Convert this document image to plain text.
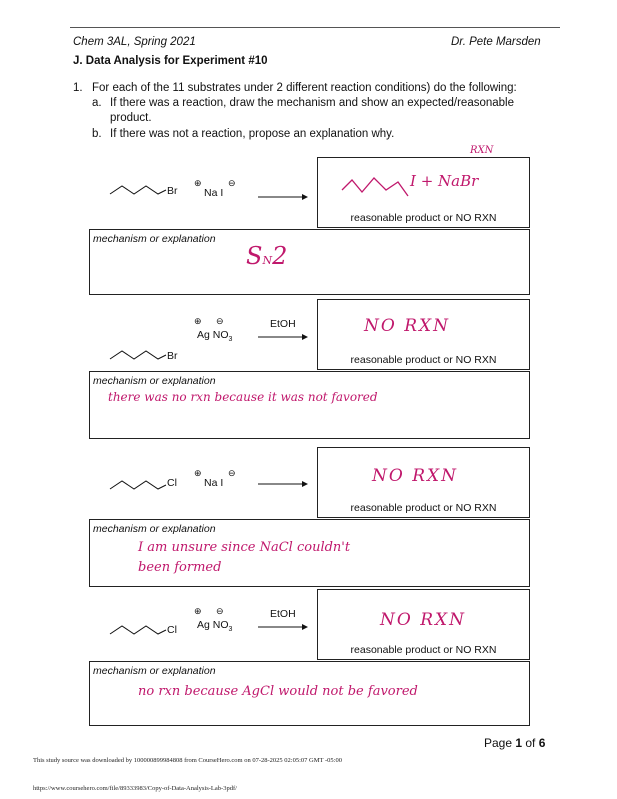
Chem 3AL, Spring 2021	Dr. Pete Marsden
J. Data Analysis for Experiment #10
1. For each of the 11 substrates under 2 different reaction conditions) do the following:
a. If there was a reaction, draw the mechanism and show an expected/reasonable
product.
b. If there was not a reaction, propose an explanation why.
RXN
Br
⊕	⊖
Na I
I + NaBr
reasonable product or NO RXN
mechanism or explanation
SN2
Br
⊕ ⊖
Ag $NO_3$
EtOH	NO RXN
reasonable product or NO RXN
mechanism or explanation
there was no rxn because it was not favored
Cl
⊕	⊖
Na I	NO RXN
reasonable product or NO RXN
mechanism or explanation
I am unsure since NaCl couldn't
been formed
Cl
⊕ ⊖
Ag $NO_3$
EtOH	NO RXN
reasonable product or NO RXN
mechanism or explanation
no rxn because AgCl would not be favored
Page 1 of 6
This study source was downloaded by 100000899984808 from CourseHero.com on 07-28-2025 02:05:07 GMT -05:00
https://www.coursehero.com/file/89333983/Copy-of-Data-Analysis-Lab-3pdf/
